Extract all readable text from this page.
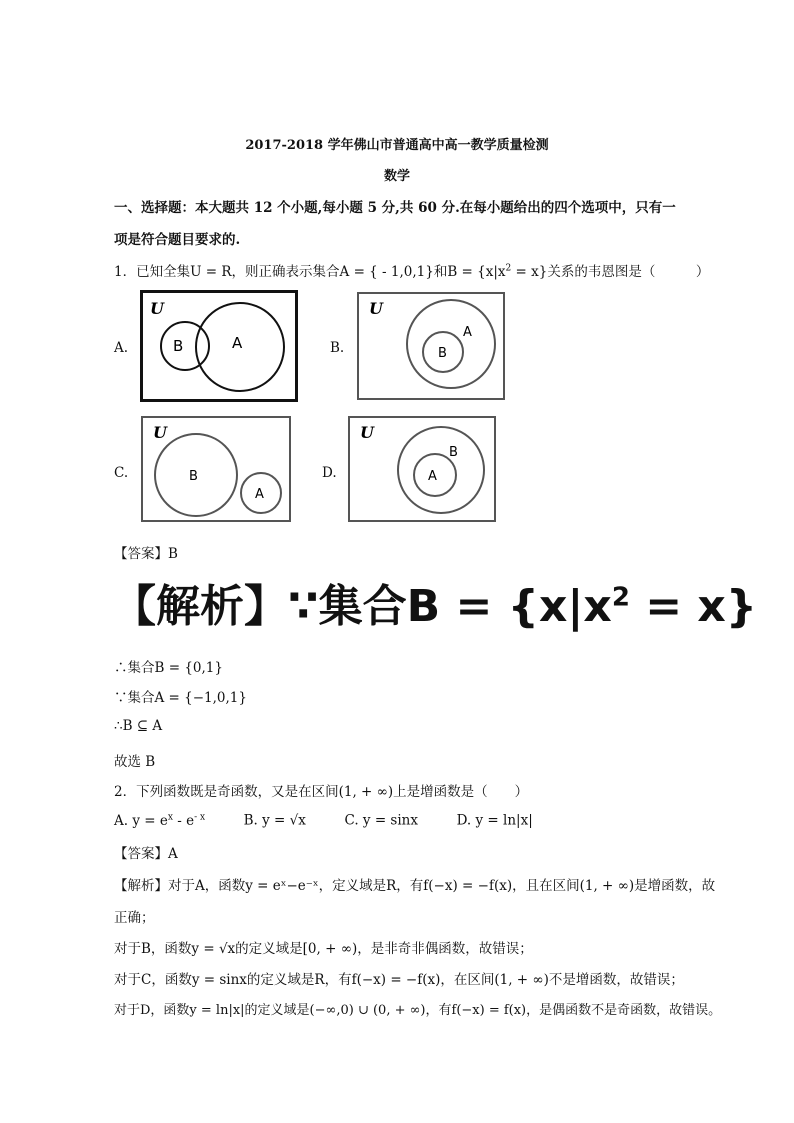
2017-2018 学年佛山市普通高中高一教学质量检测
数学
一、选择题：本大题共 12 个小题,每小题 5 分,共 60 分.在每小题给出的四个选项中，只有一
项是符合题目要求的.
1．已知全集U = R，则正确表示集合A = { - 1,0,1}和$B = \{x|x^2 = x\}$关系的韦恩图是（　　　）
A.
U
B	A	B.
U
A
B
C.
U
B
A
D.
U
B
A
【答案】B
【解析】∵集合$B = \{x|x^2 = x\}$
∴集合B = {0,1}
∵集合A = {−1,0,1}
∴B ⊆ A
故选 B
2．下列函数既是奇函数，又是在区间(1, + ∞)上是增函数是（　　）
A. $y = e^x - e^{- x}$	B. y = √x	C. y = sinx	D. y = ln|x|
【答案】A
【解析】对于A，函数y = eˣ−e⁻ˣ，定义域是R，有f(−x) = −f(x)，且在区间(1, + ∞)是增函数，故
正确；
对于B，函数y = √x的定义域是[0, + ∞)，是非奇非偶函数，故错误；
对于C，函数y = sinx的定义域是R，有f(−x) = −f(x)，在区间(1, + ∞)不是增函数，故错误；
对于D，函数y = ln|x|的定义域是(−∞,0) ∪ (0, + ∞)，有f(−x) = f(x)，是偶函数不是奇函数，故错误。
